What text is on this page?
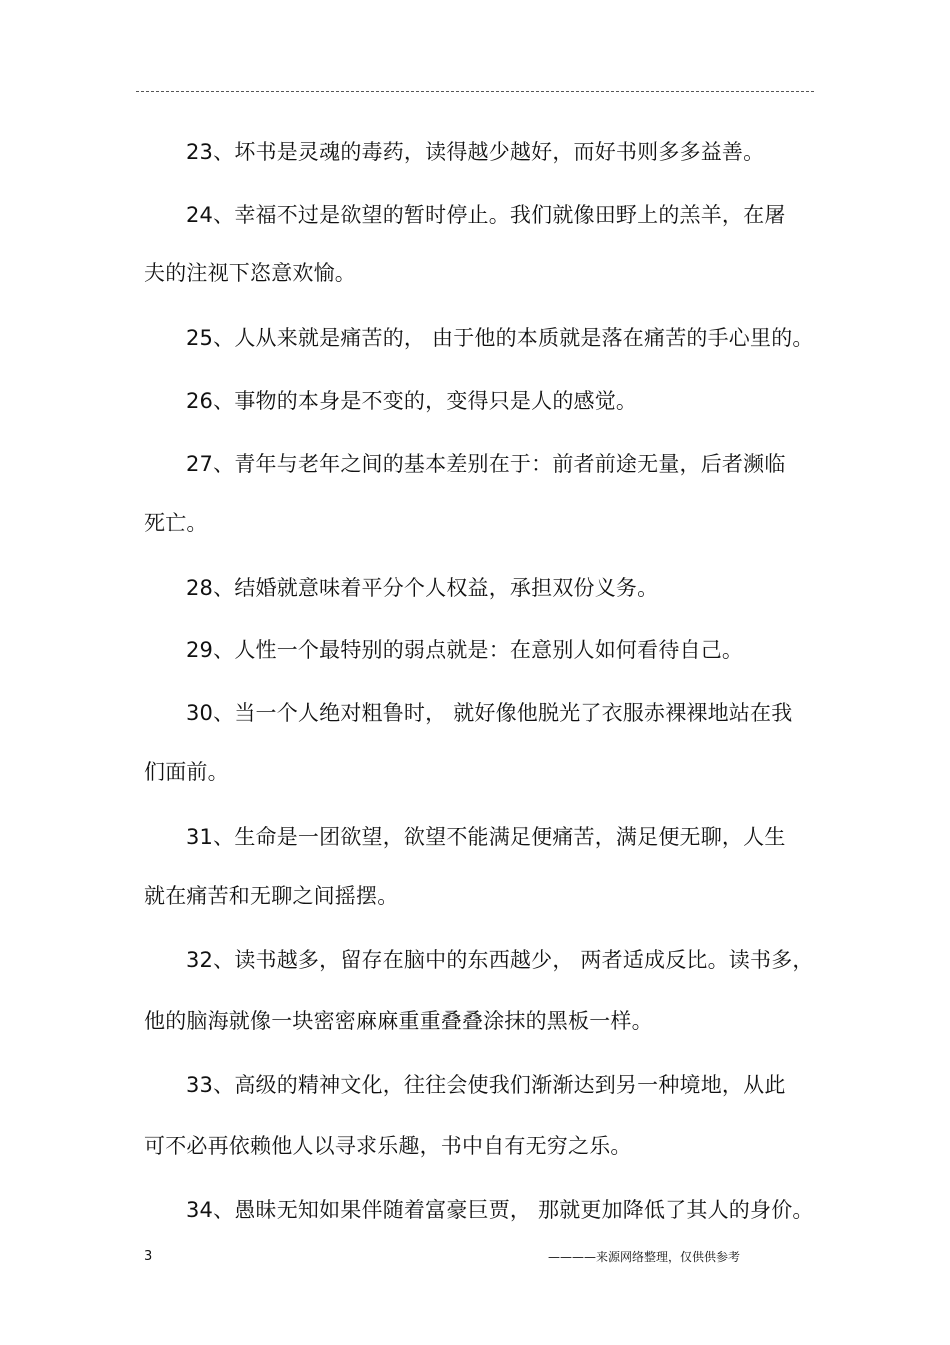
23、坏书是灵魂的毒药，读得越少越好，而好书则多多益善。
24、幸福不过是欲望的暂时停止。我们就像田野上的羔羊，在屠
夫的注视下恣意欢愉。
25、人从来就是痛苦的， 由于他的本质就是落在痛苦的手心里的。
26、事物的本身是不变的，变得只是人的感觉。
27、青年与老年之间的基本差别在于：前者前途无量，后者濒临
死亡。
28、结婚就意味着平分个人权益，承担双份义务。
29、人性一个最特别的弱点就是：在意别人如何看待自己。
30、当一个人绝对粗鲁时， 就好像他脱光了衣服赤裸裸地站在我
们面前。
31、生命是一团欲望，欲望不能满足便痛苦，满足便无聊，人生
就在痛苦和无聊之间摇摆。
32、读书越多，留存在脑中的东西越少， 两者适成反比。读书多，
他的脑海就像一块密密麻麻重重叠叠涂抹的黑板一样。
33、高级的精神文化，往往会使我们渐渐达到另一种境地，从此
可不必再依赖他人以寻求乐趣，书中自有无穷之乐。
34、愚昧无知如果伴随着富豪巨贾， 那就更加降低了其人的身价。
3	————来源网络整理，仅供供参考
